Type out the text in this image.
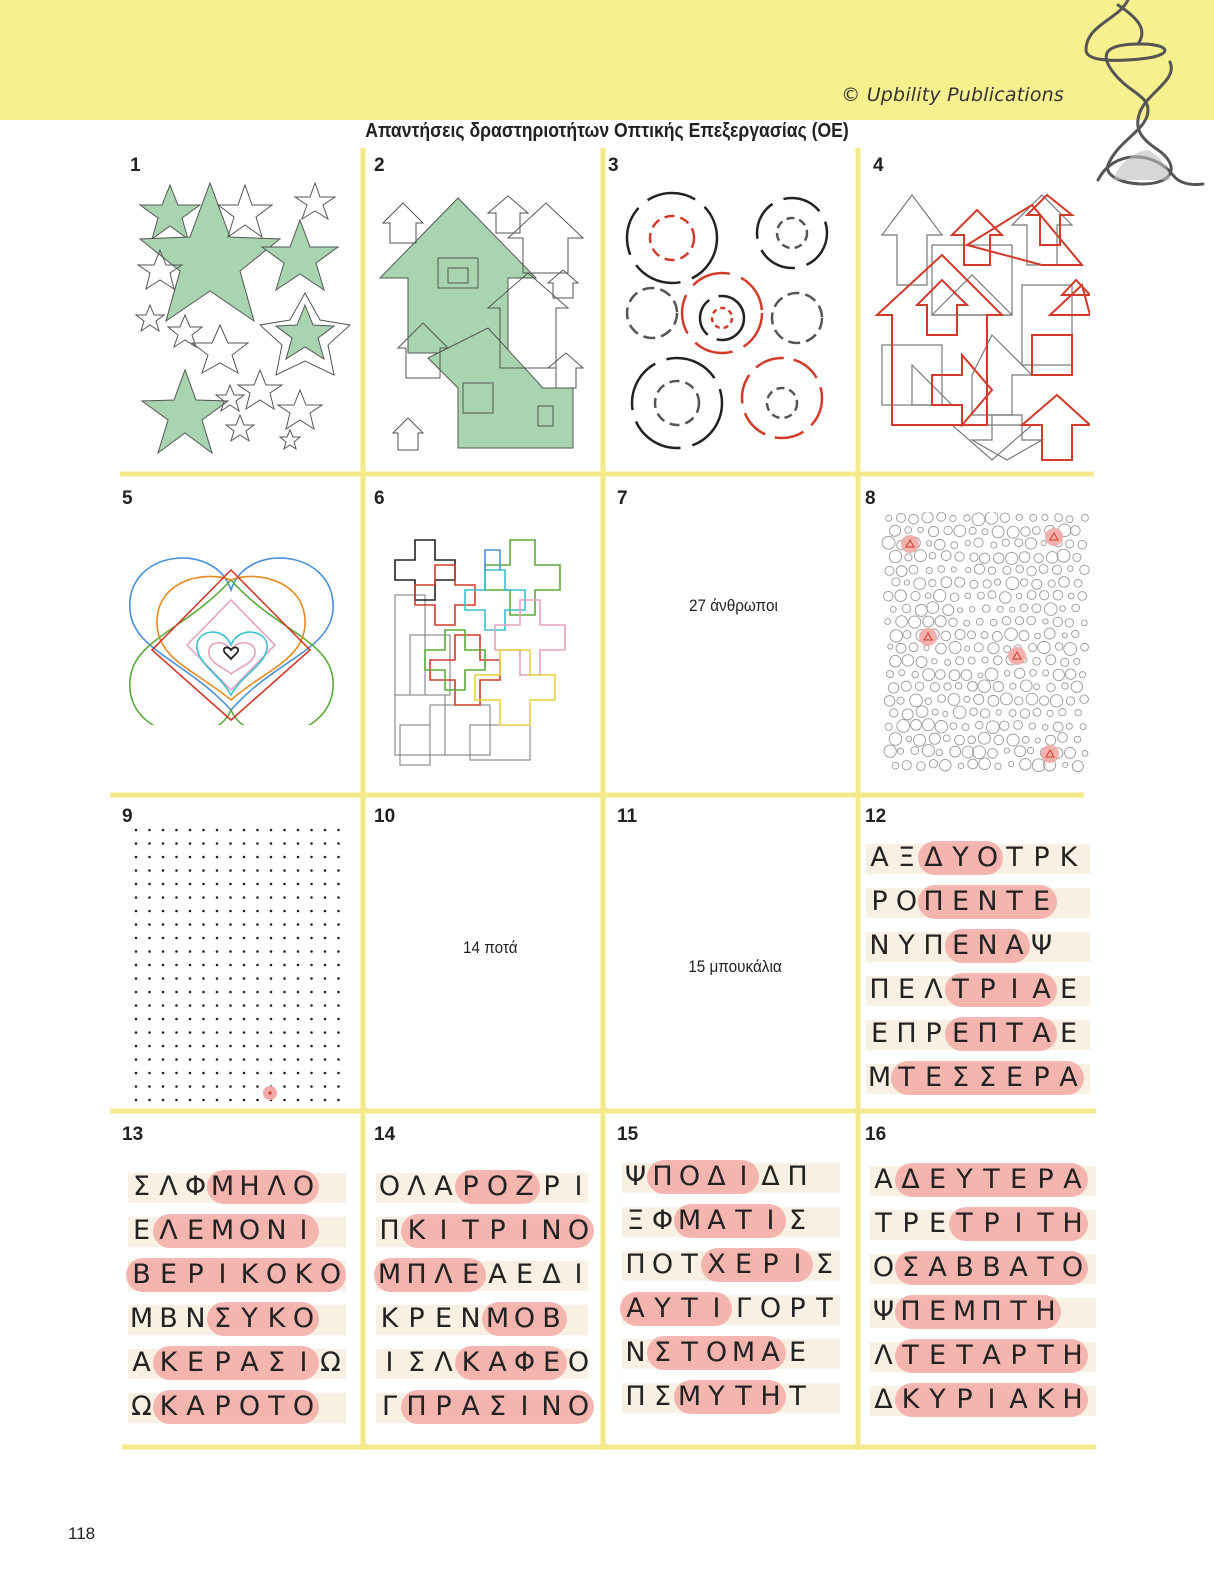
© Upbility Publications
Απαντήσεις δραστηριοτήτων Οπτικής Επεξεργασίας (ΟΕ)
1	2	3	4
5	6	7	8
9	10	11	12
13	14	15	16
27 άνθρωποι
14 ποτά
15 μπουκάλια
Α Ξ Δ Υ Ο Τ Ρ Κ
Ρ Ο Π Ε Ν Τ Ε
Ν Υ Π Ε Ν Α Ψ
Π Ε Λ Τ Ρ Ι Α Ε
Ε Π Ρ Ε Π Τ Α Ε
Μ Τ Ε Σ Σ Ε Ρ Α
Σ Λ Φ Μ Η Λ Ο
Ε Λ Ε Μ Ο Ν Ι
Β Ε Ρ Ι Κ Ο Κ Ο
Μ Β Ν Σ Υ Κ Ο
Α Κ Ε Ρ Α Σ Ι Ω
Ω Κ Α Ρ Ο Τ Ο
Ο Λ Α Ρ Ο Ζ Ρ Ι
Π Κ Ι Τ Ρ Ι Ν Ο
Μ Π Λ Ε Α Ε Δ Ι
Κ Ρ Ε Ν Μ Ο Β
Ι Σ Λ Κ Α Φ Ε Ο
Γ Π Ρ Α Σ Ι Ν Ο
Ψ Π Ο Δ Ι Δ Π
Ξ Φ Μ Α Τ Ι Σ
Π Ο Τ Χ Ε Ρ Ι Σ
Α Υ Τ Ι Γ Ο Ρ Τ
Ν Σ Τ Ο Μ Α Ε
Π Σ Μ Υ Τ Η Τ
Α Δ Ε Υ Τ Ε Ρ Α
Τ Ρ Ε Τ Ρ Ι Τ Η
Ο Σ Α Β Β Α Τ Ο
Ψ Π Ε Μ Π Τ Η
Λ Τ Ε Τ Α Ρ Τ Η
Δ Κ Υ Ρ Ι Α Κ Η
118
